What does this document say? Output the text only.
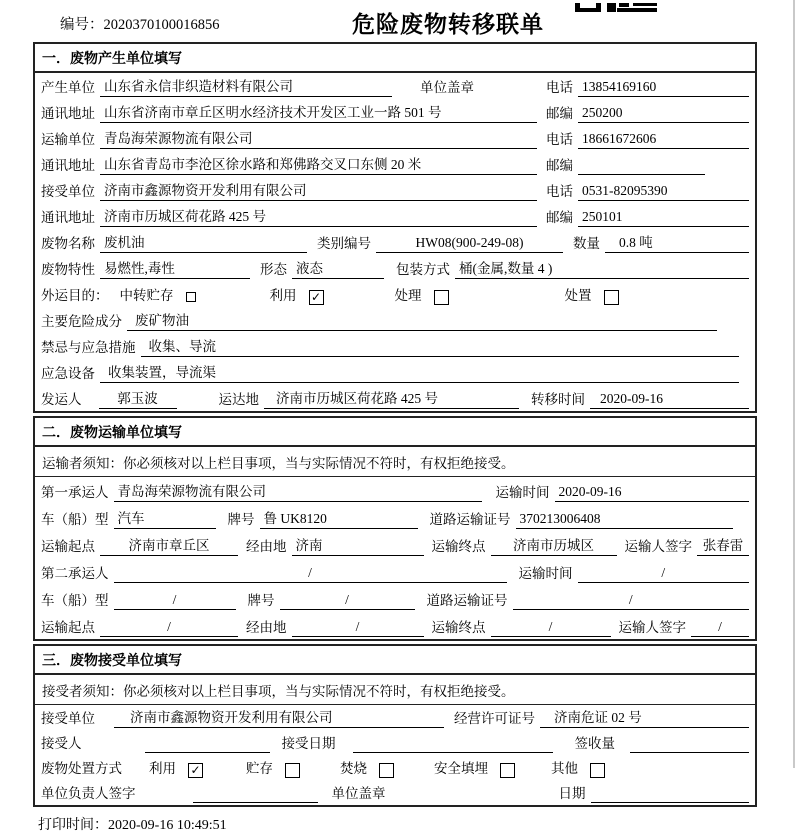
编号：2020370100016856	危险废物转移联单
一．废物产生单位填写
产生单位 山东省永信非织造材料有限公司	单位盖章	电话 13854169160
通讯地址 山东省济南市章丘区明水经济技术开发区工业一路 501 号	邮编 250200
运输单位 青岛海荣源物流有限公司	电话 18661672606
通讯地址 山东省青岛市李沧区徐水路和郑佛路交叉口东侧 20 米	邮编
接受单位 济南市鑫源物资开发利用有限公司	电话 0531-82095390
通讯地址 济南市历城区荷花路 425 号	邮编 250101
废物名称 废机油	类别编号	HW08(900-249-08)	数量	0.8 吨
废物特性 易燃性,毒性	形态 液态	包装方式 桶(金属,数量 4 )
外运目的： 中转贮存	利用 ✓	处理	处置
主要危险成分 废矿物油
禁忌与应急措施 收集、导流
应急设备 收集装置，导流渠
发运人	郭玉波	运达地	济南市历城区荷花路 425 号	转移时间	2020-09-16
二．废物运输单位填写
运输者须知：你必须核对以上栏目事项，当与实际情况不符时，有权拒绝接受。
第一承运人 青岛海荣源物流有限公司	运输时间 2020-09-16
车（船）型 汽车	牌号 鲁 UK8120	道路运输证号 370213006408
运输起点	济南市章丘区	经由地 济南	运输终点	济南市历城区	运输人签字 张春雷
第二承运人	/	运输时间	/
车（船）型	/	牌号	/	道路运输证号	/
运输起点	/	经由地	/	运输终点	/	运输人签字	/
三．废物接受单位填写
接受者须知：你必须核对以上栏目事项，当与实际情况不符时，有权拒绝接受。
接受单位	济南市鑫源物资开发利用有限公司	经营许可证号	济南危证 02 号
接受人	接受日期	签收量
废物处置方式 利用 ✓	贮存	焚烧	安全填埋	其他
单位负责人签字	单位盖章	日期
打印时间：2020-09-16 10:49:51
